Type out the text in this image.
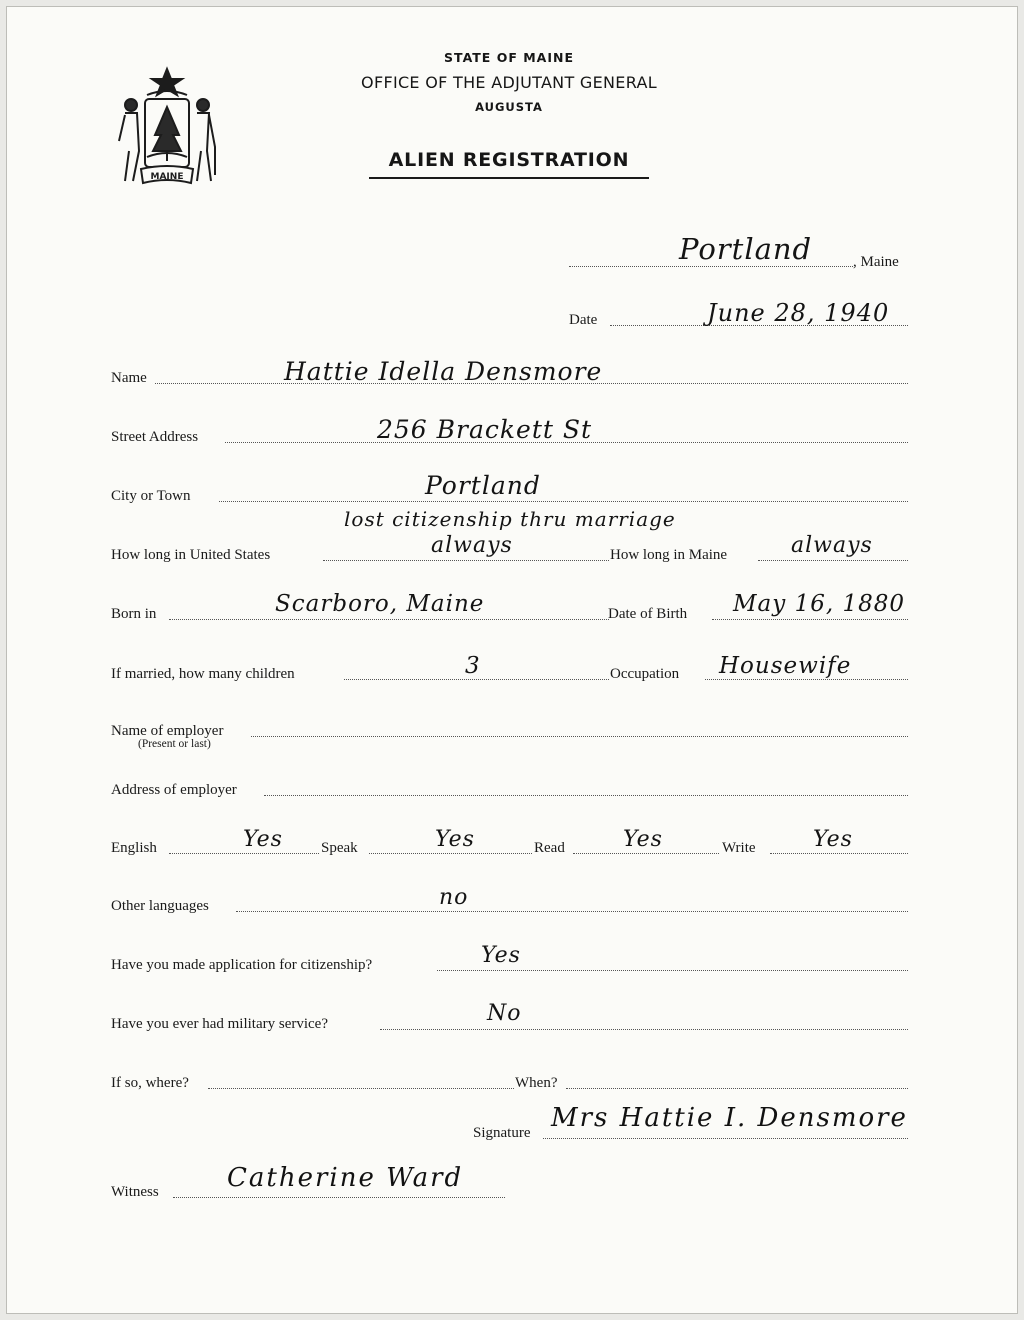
MAINE
STATE OF MAINE
OFFICE OF THE ADJUTANT GENERAL
AUGUSTA
ALIEN REGISTRATION
, Maine
Portland
Date	June 28, 1940
Name	Hattie Idella Densmore
Street Address	256 Brackett St
City or Town	Portland
lost citizenship thru marriage
How long in United States	always	How long in Maine	always
Born in	Scarboro, Maine	Date of Birth May 16, 1880
If married, how many children	3	Occupation Housewife
Name of employer
(Present or last)
Address of employer
English	Yes	Speak	Yes	Read	Yes	Write	Yes
Other languages	no
Have you made application for citizenship?	Yes
Have you ever had military service?	No
If so, where?	When?
Signature Mrs Hattie I. Densmore
Witness	Catherine Ward
